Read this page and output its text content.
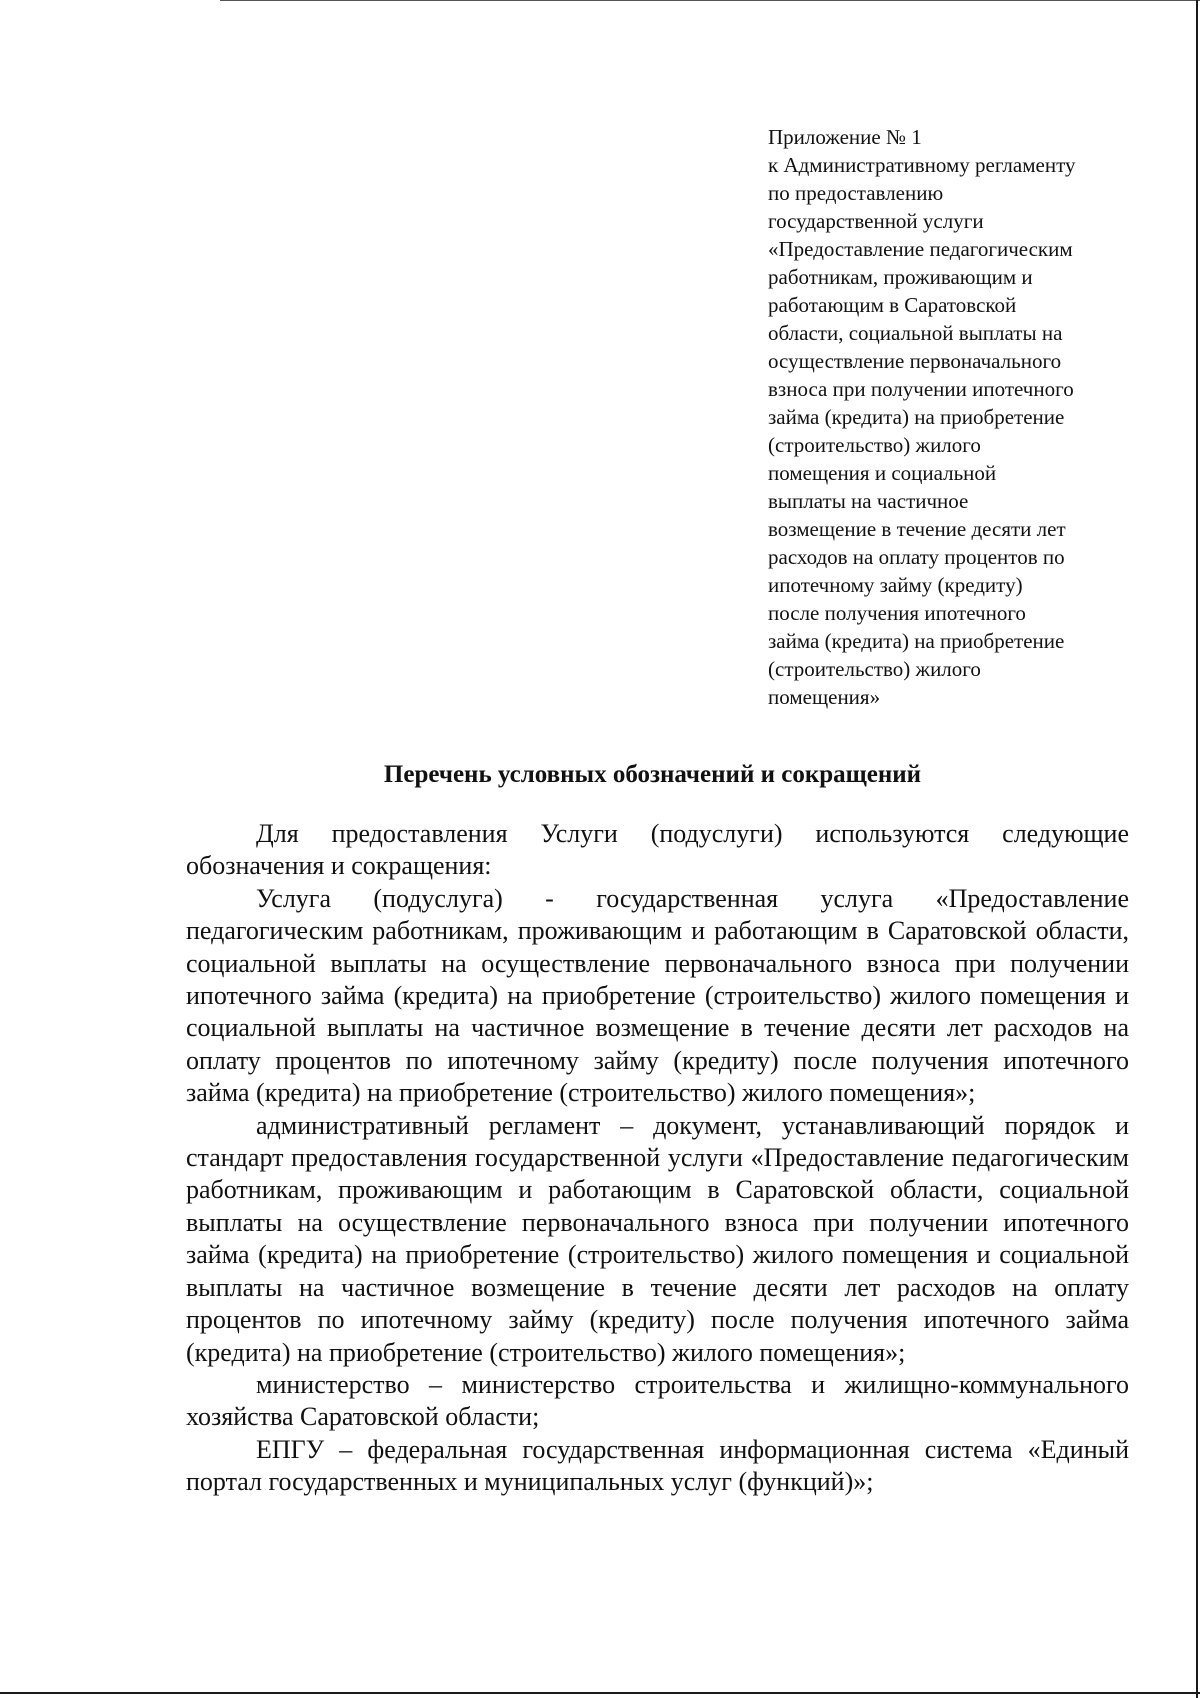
Приложение № 1
к Административному регламенту
по предоставлению
государственной услуги
«Предоставление педагогическим
работникам, проживающим и
работающим в Саратовской
области, социальной выплаты на
осуществление первоначального
взноса при получении ипотечного
займа (кредита) на приобретение
(строительство) жилого
помещения и социальной
выплаты на частичное
возмещение в течение десяти лет
расходов на оплату процентов по
ипотечному займу (кредиту)
после получения ипотечного
займа (кредита) на приобретение
(строительство) жилого
помещения»
Перечень условных обозначений и сокращений

Для предоставления Услуги (подуслуги) используются следующие обозначения и сокращения:

Услуга (подуслуга) - государственная услуга «Предоставление педагогическим работникам, проживающим и работающим в Саратовской области, социальной выплаты на осуществление первоначального взноса при получении ипотечного займа (кредита) на приобретение (строительство) жилого помещения и социальной выплаты на частичное возмещение в течение десяти лет расходов на оплату процентов по ипотечному займу (кредиту) после получения ипотечного займа (кредита) на приобретение (строительство) жилого помещения»;

административный регламент – документ, устанавливающий порядок и стандарт предоставления государственной услуги «Предоставление педагогическим работникам, проживающим и работающим в Саратовской области, социальной выплаты на осуществление первоначального взноса при получении ипотечного займа (кредита) на приобретение (строительство) жилого помещения и социальной выплаты на частичное возмещение в течение десяти лет расходов на оплату процентов по ипотечному займу (кредиту) после получения ипотечного займа (кредита) на приобретение (строительство) жилого помещения»;

министерство – министерство строительства и жилищно-коммунального хозяйства Саратовской области;

ЕПГУ – федеральная государственная информационная система «Единый портал государственных и муниципальных услуг (функций)»;
